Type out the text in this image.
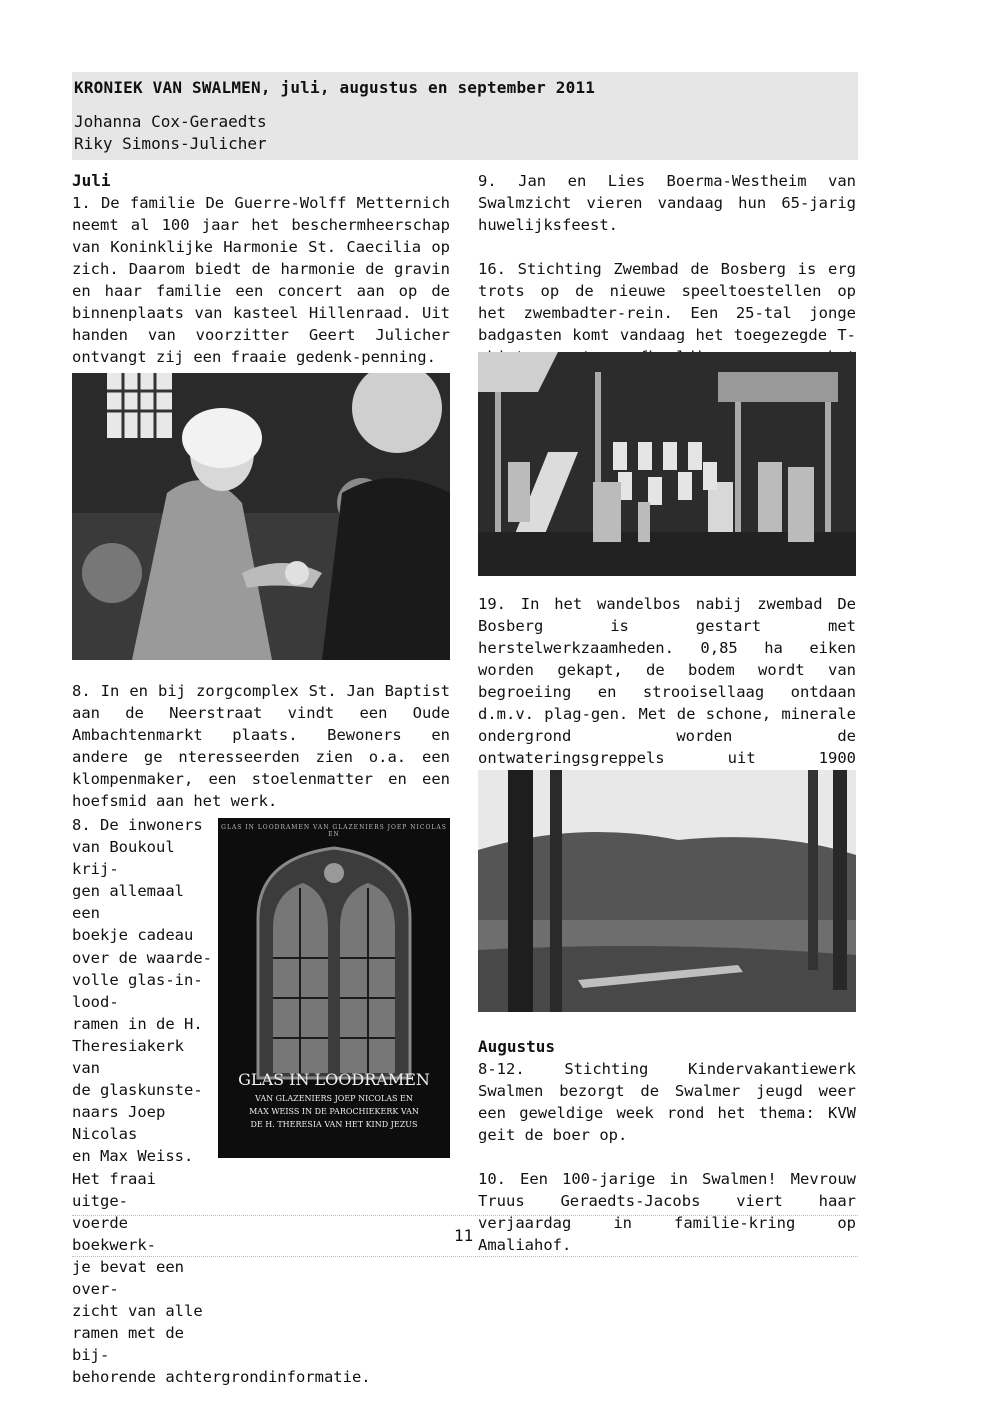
KRONIEK VAN SWALMEN, juli, augustus en september 2011
Johanna Cox-Geraedts
Riky Simons-Julicher
Juli

1. De familie De Guerre-Wolff Metternich neemt al 100 jaar het beschermheerschap van Koninklijke Harmonie St. Caecilia op zich. Daarom biedt de harmonie de gravin en haar familie een concert aan op de binnenplaats van kasteel Hillenraad. Uit handen van voorzitter Geert Julicher ontvangt zij een fraaie gedenk-penning.

8. In en bij zorgcomplex St. Jan Baptist aan de Neerstraat vindt een Oude Ambachtenmarkt plaats. Bewoners en andere ge nteresseerden zien o.a. een klompenmaker, een stoelenmatter en een hoefsmid aan het werk.

8. De inwoners
van Boukoul krij-
gen allemaal een
boekje cadeau
over de waarde-
volle glas-in-lood-
ramen in de H.
Theresiakerk van
de glaskunste-
naars Joep Nicolas
en Max Weiss.
Het fraai uitge-
voerde boekwerk-
je bevat een over-
zicht van alle
ramen met de bij-
behorende achtergrondinformatie.
GLAS IN LOODRAMEN VAN GLAZENIERS JOEP NICOLAS EN
GLAS IN LOODRAMEN
VAN GLAZENIERS JOEP NICOLAS EN
MAX WEISS IN DE PAROCHIEKERK VAN
DE H. THERESIA VAN HET KIND JEZUS

9. Jan en Lies Boerma-Westheim van Swalmzicht vieren vandaag hun 65-jarig huwelijksfeest.

16. Stichting Zwembad de Bosberg is erg trots op de nieuwe speeltoestellen op het zwembadter-rein. Een 25-tal jonge badgasten komt vandaag het toegezegde T-

19. In het wandelbos nabij zwembad De Bosberg is gestart met herstelwerkzaamheden. 0,85 ha eiken worden gekapt, de bodem wordt van begroeiing en strooisellaag ontdaan d.m.v. plag-gen. Met de schone, minerale ondergrond worden de ontwateringsgreppels uit 1900

Augustus

8-12. Stichting Kindervakantiewerk Swalmen bezorgt de Swalmer jeugd weer een geweldige week rond het thema: KVW geit de boer op.

10. Een 100-jarige in Swalmen! Mevrouw Truus Geraedts-Jacobs viert haar verjaardag in familie-kring op Amaliahof.

11
